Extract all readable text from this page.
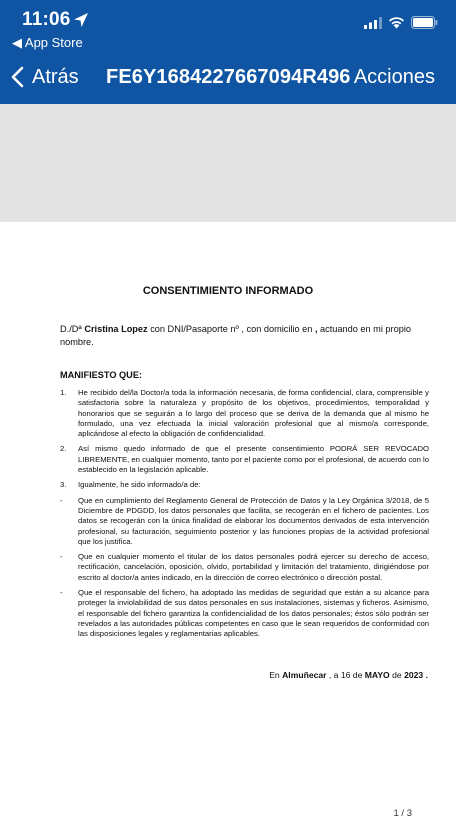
11:06
◀ App Store
Atrás FE6Y1684227667094R496 Acciones
CONSENTIMIENTO INFORMADO
D./Dª Cristina Lopez con DNI/Pasaporte nº , con domicilio en , actuando en mi propio nombre.
MANIFIESTO QUE:
1.	He recibido del/la Doctor/a toda la información necesaria, de forma confidencial, clara, comprensible y satisfactoria sobre la naturaleza y propósito de los objetivos, procedimientos, temporalidad y honorarios que se seguirán a lo largo del proceso que se deriva de la demanda que al mismo he formulado, una vez efectuada la inicial valoración profesional que al mismo/a corresponde, aplicándose al efecto la obligación de confidencialidad.
2.	Así mismo quedo informado de que el presente consentimiento PODRÁ SER REVOCADO LIBREMENTE, en cualquier momento, tanto por el paciente como por el profesional, de acuerdo con lo establecido en la legislación aplicable.
3.	Igualmente, he sido informado/a de:
-	Que en cumplimiento del Reglamento General de Protección de Datos y la Ley Orgánica 3/2018, de 5 Diciembre de PDGDD, los datos personales que facilita, se recogerán en el fichero de pacientes. Los datos se recogerán con la única finalidad de elaborar los documentos derivados de esta intervención profesional, su facturación, seguimiento posterior y las funciones propias de la actividad profesional que los justifica.
-	Que en cualquier momento el titular de los datos personales podrá ejercer su derecho de acceso, rectificación, cancelación, oposición, olvido, portabilidad y limitación del tratamiento, dirigiéndose por escrito al doctor/a antes indicado, en la dirección de correo electrónico o dirección postal.
-	Que el responsable del fichero, ha adoptado las medidas de seguridad que están a su alcance para proteger la inviolabilidad de sus datos personales en sus instalaciones, sistemas y ficheros. Asimismo, el responsable del fichero garantiza la confidencialidad de los datos personales; éstos sólo podrán ser revelados a las autoridades públicas competentes en caso que le sean requeridos de conformidad con las disposiciones legales y reglamentarias aplicables.
En Almuñecar , a 16 de MAYO de 2023 .
1 / 3
